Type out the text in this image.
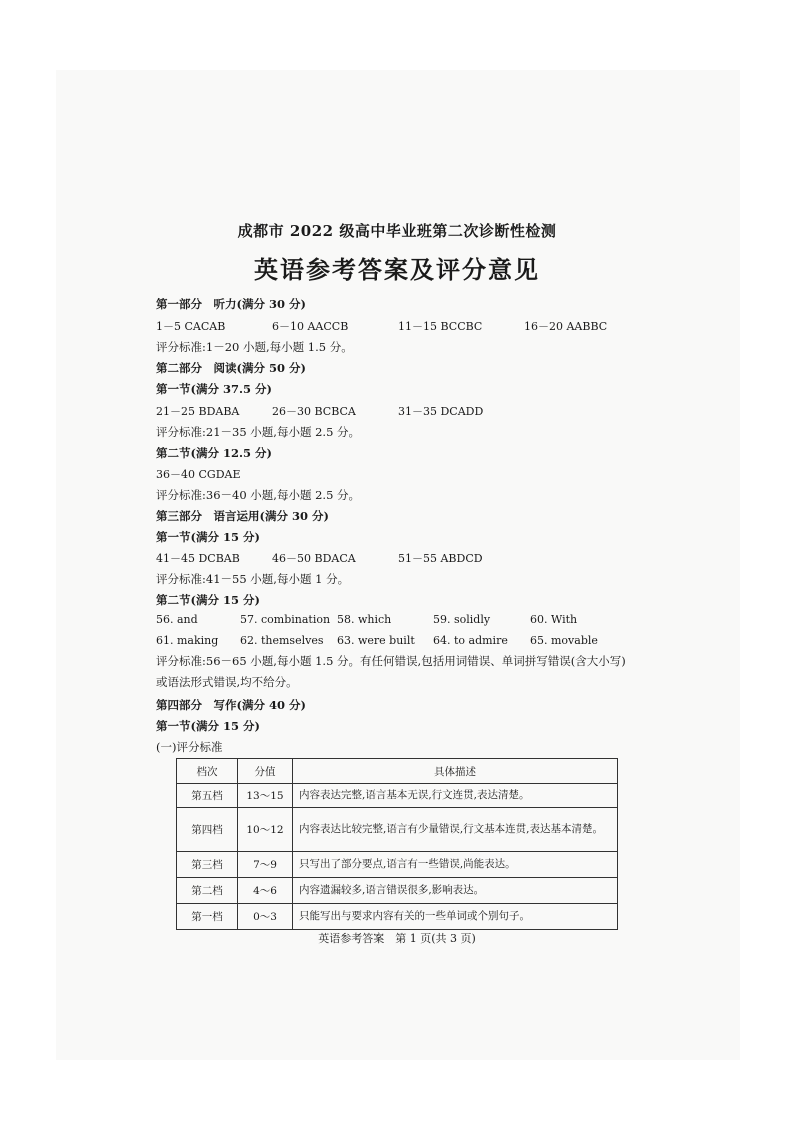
成都市 2022 级高中毕业班第二次诊断性检测
英语参考答案及评分意见
第一部分　听力(满分 30 分)
1－5 CACAB	6－10 AACCB	11－15 BCCBC	16－20 AABBC
评分标准:1－20 小题,每小题 1.5 分。
第二部分　阅读(满分 50 分)
第一节(满分 37.5 分)
21－25 BDABA	26－30 BCBCA	31－35 DCADD
评分标准:21－35 小题,每小题 2.5 分。
第二节(满分 12.5 分)
36－40 CGDAE
评分标准:36－40 小题,每小题 2.5 分。
第三部分　语言运用(满分 30 分)
第一节(满分 15 分)
41－45 DCBAB	46－50 BDACA	51－55 ABDCD
评分标准:41－55 小题,每小题 1 分。
第二节(满分 15 分)
56. and	57. combination 58. which	59. solidly	60. With
61. making 62. themselves 63. were built 64. to admire 65. movable
评分标准:56－65 小题,每小题 1.5 分。有任何错误,包括用词错误、单词拼写错误(含大小写)或语法形式错误,均不给分。
第四部分　写作(满分 40 分)
第一节(满分 15 分)
(一)评分标准
档次	分值	具体描述
第五档	13～15	内容表达完整,语言基本无误,行文连贯,表达清楚。
第四档	10～12	内容表达比较完整,语言有少量错误,行文基本连贯,表达基本清楚。
第三档	7～9	只写出了部分要点,语言有一些错误,尚能表达。
第二档	4～6	内容遗漏较多,语言错误很多,影响表达。
第一档	0～3	只能写出与要求内容有关的一些单词或个别句子。
英语参考答案　第 1 页(共 3 页)
